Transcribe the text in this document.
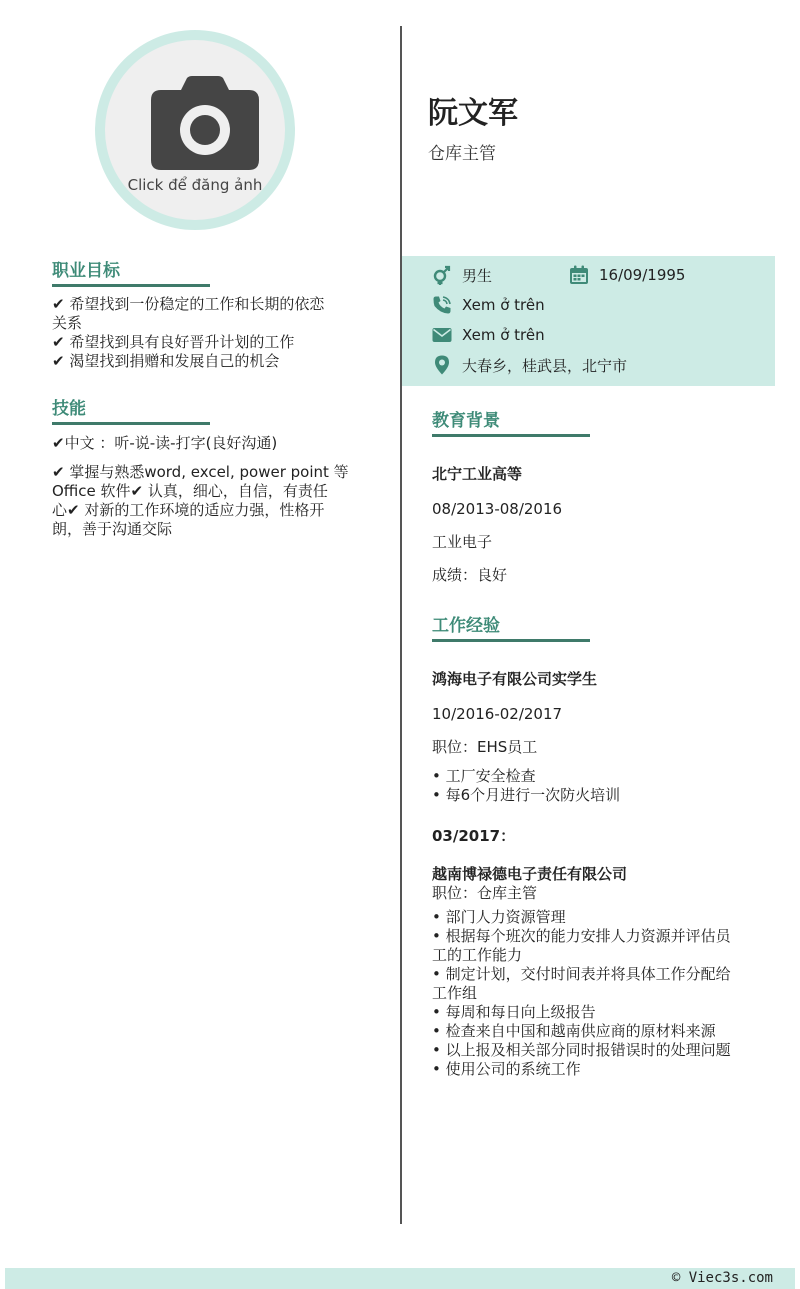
Click để đăng ảnh
职业目标
✔ 希望找到一份稳定的工作和长期的依恋
关系
✔ 希望找到具有良好晋升计划的工作
✔ 渴望找到捐赠和发展自己的机会
技能
✔中文 ：听-说-读-打字(良好沟通)
✔ 掌握与熟悉word, excel, power point 等
Office 软件✔ 认真，细心，自信，有责任
心✔ 对新的工作环境的适应力强，性格开
朗，善于沟通交际
阮文军
仓库主管
男生	16/09/1995
Xem ở trên
Xem ở trên
大春乡，桂武县，北宁市
教育背景
北宁工业高等
08/2013-08/2016
工业电子
成绩：良好
工作经验
鸿海电子有限公司实学生
10/2016-02/2017
职位：EHS员工
• 工厂安全检查
• 每6个月进行一次防火培训
03/2017：
越南博禄德电子责任有限公司
职位：仓库主管
• 部门人力资源管理
• 根据每个班次的能力安排人力资源并评估员
工的工作能力
• 制定计划，交付时间表并将具体工作分配给
工作组
• 每周和每日向上级报告
• 检查来自中国和越南供应商的原材料来源
• 以上报及相关部分同时报错误时的处理问题
• 使用公司的系统工作
© Viec3s.com
